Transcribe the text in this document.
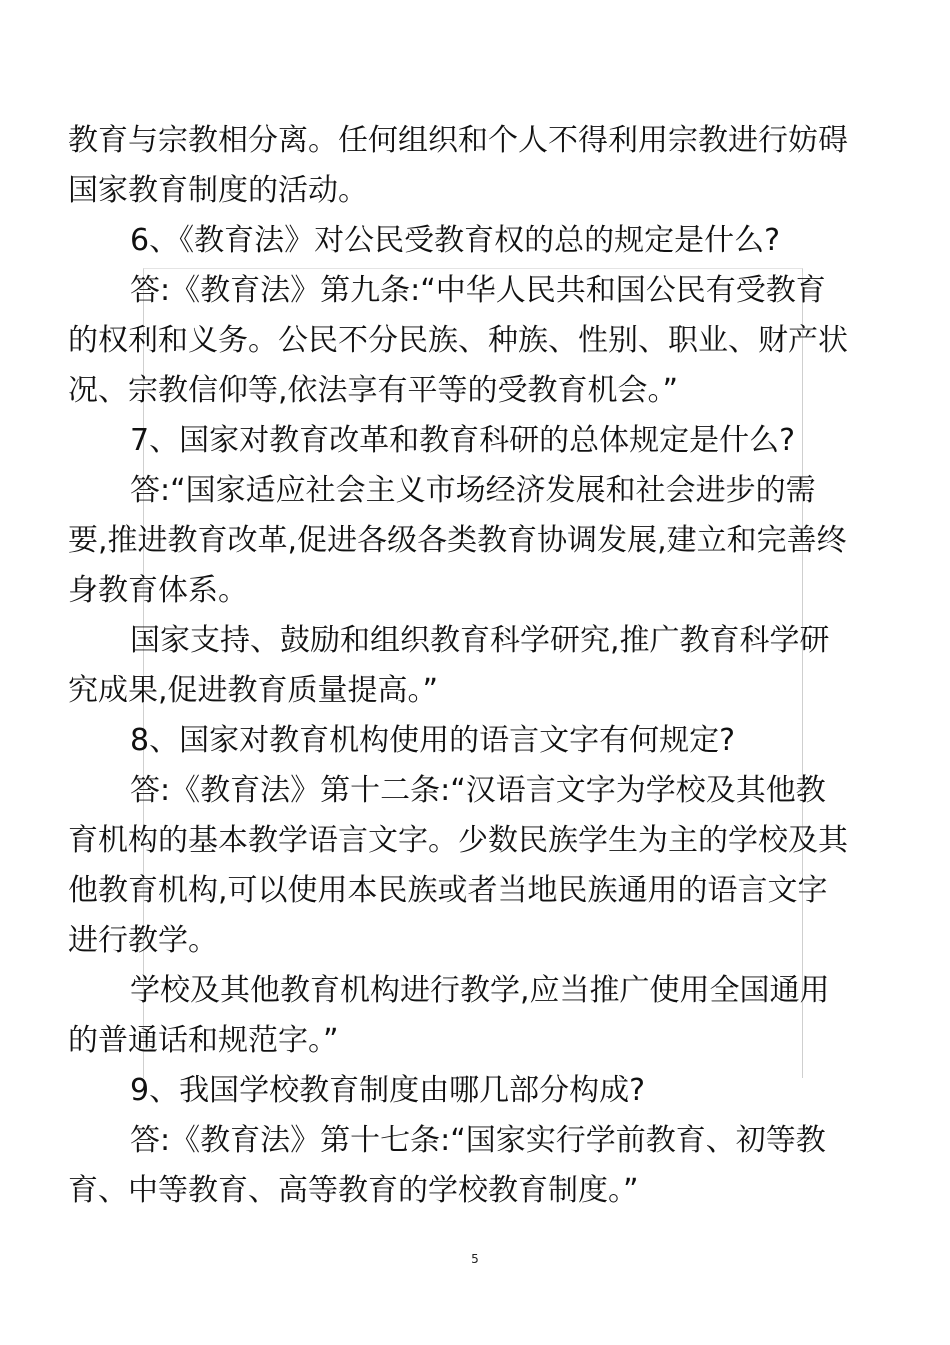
教育与宗教相分离。任何组织和个人不得利用宗教进行妨碍国家教育制度的活动。

6、《教育法》对公民受教育权的总的规定是什么?

答:《教育法》第九条:“中华人民共和国公民有受教育的权利和义务。公民不分民族、种族、性别、职业、财产状况、宗教信仰等,依法享有平等的受教育机会。”

7、国家对教育改革和教育科研的总体规定是什么?

答:“国家适应社会主义市场经济发展和社会进步的需要,推进教育改革,促进各级各类教育协调发展,建立和完善终身教育体系。

国家支持、鼓励和组织教育科学研究,推广教育科学研究成果,促进教育质量提高。”

8、国家对教育机构使用的语言文字有何规定?

答:《教育法》第十二条:“汉语言文字为学校及其他教育机构的基本教学语言文字。少数民族学生为主的学校及其他教育机构,可以使用本民族或者当地民族通用的语言文字进行教学。

学校及其他教育机构进行教学,应当推广使用全国通用的普通话和规范字。”

9、我国学校教育制度由哪几部分构成?

答:《教育法》第十七条:“国家实行学前教育、初等教育、中等教育、高等教育的学校教育制度。”

5
